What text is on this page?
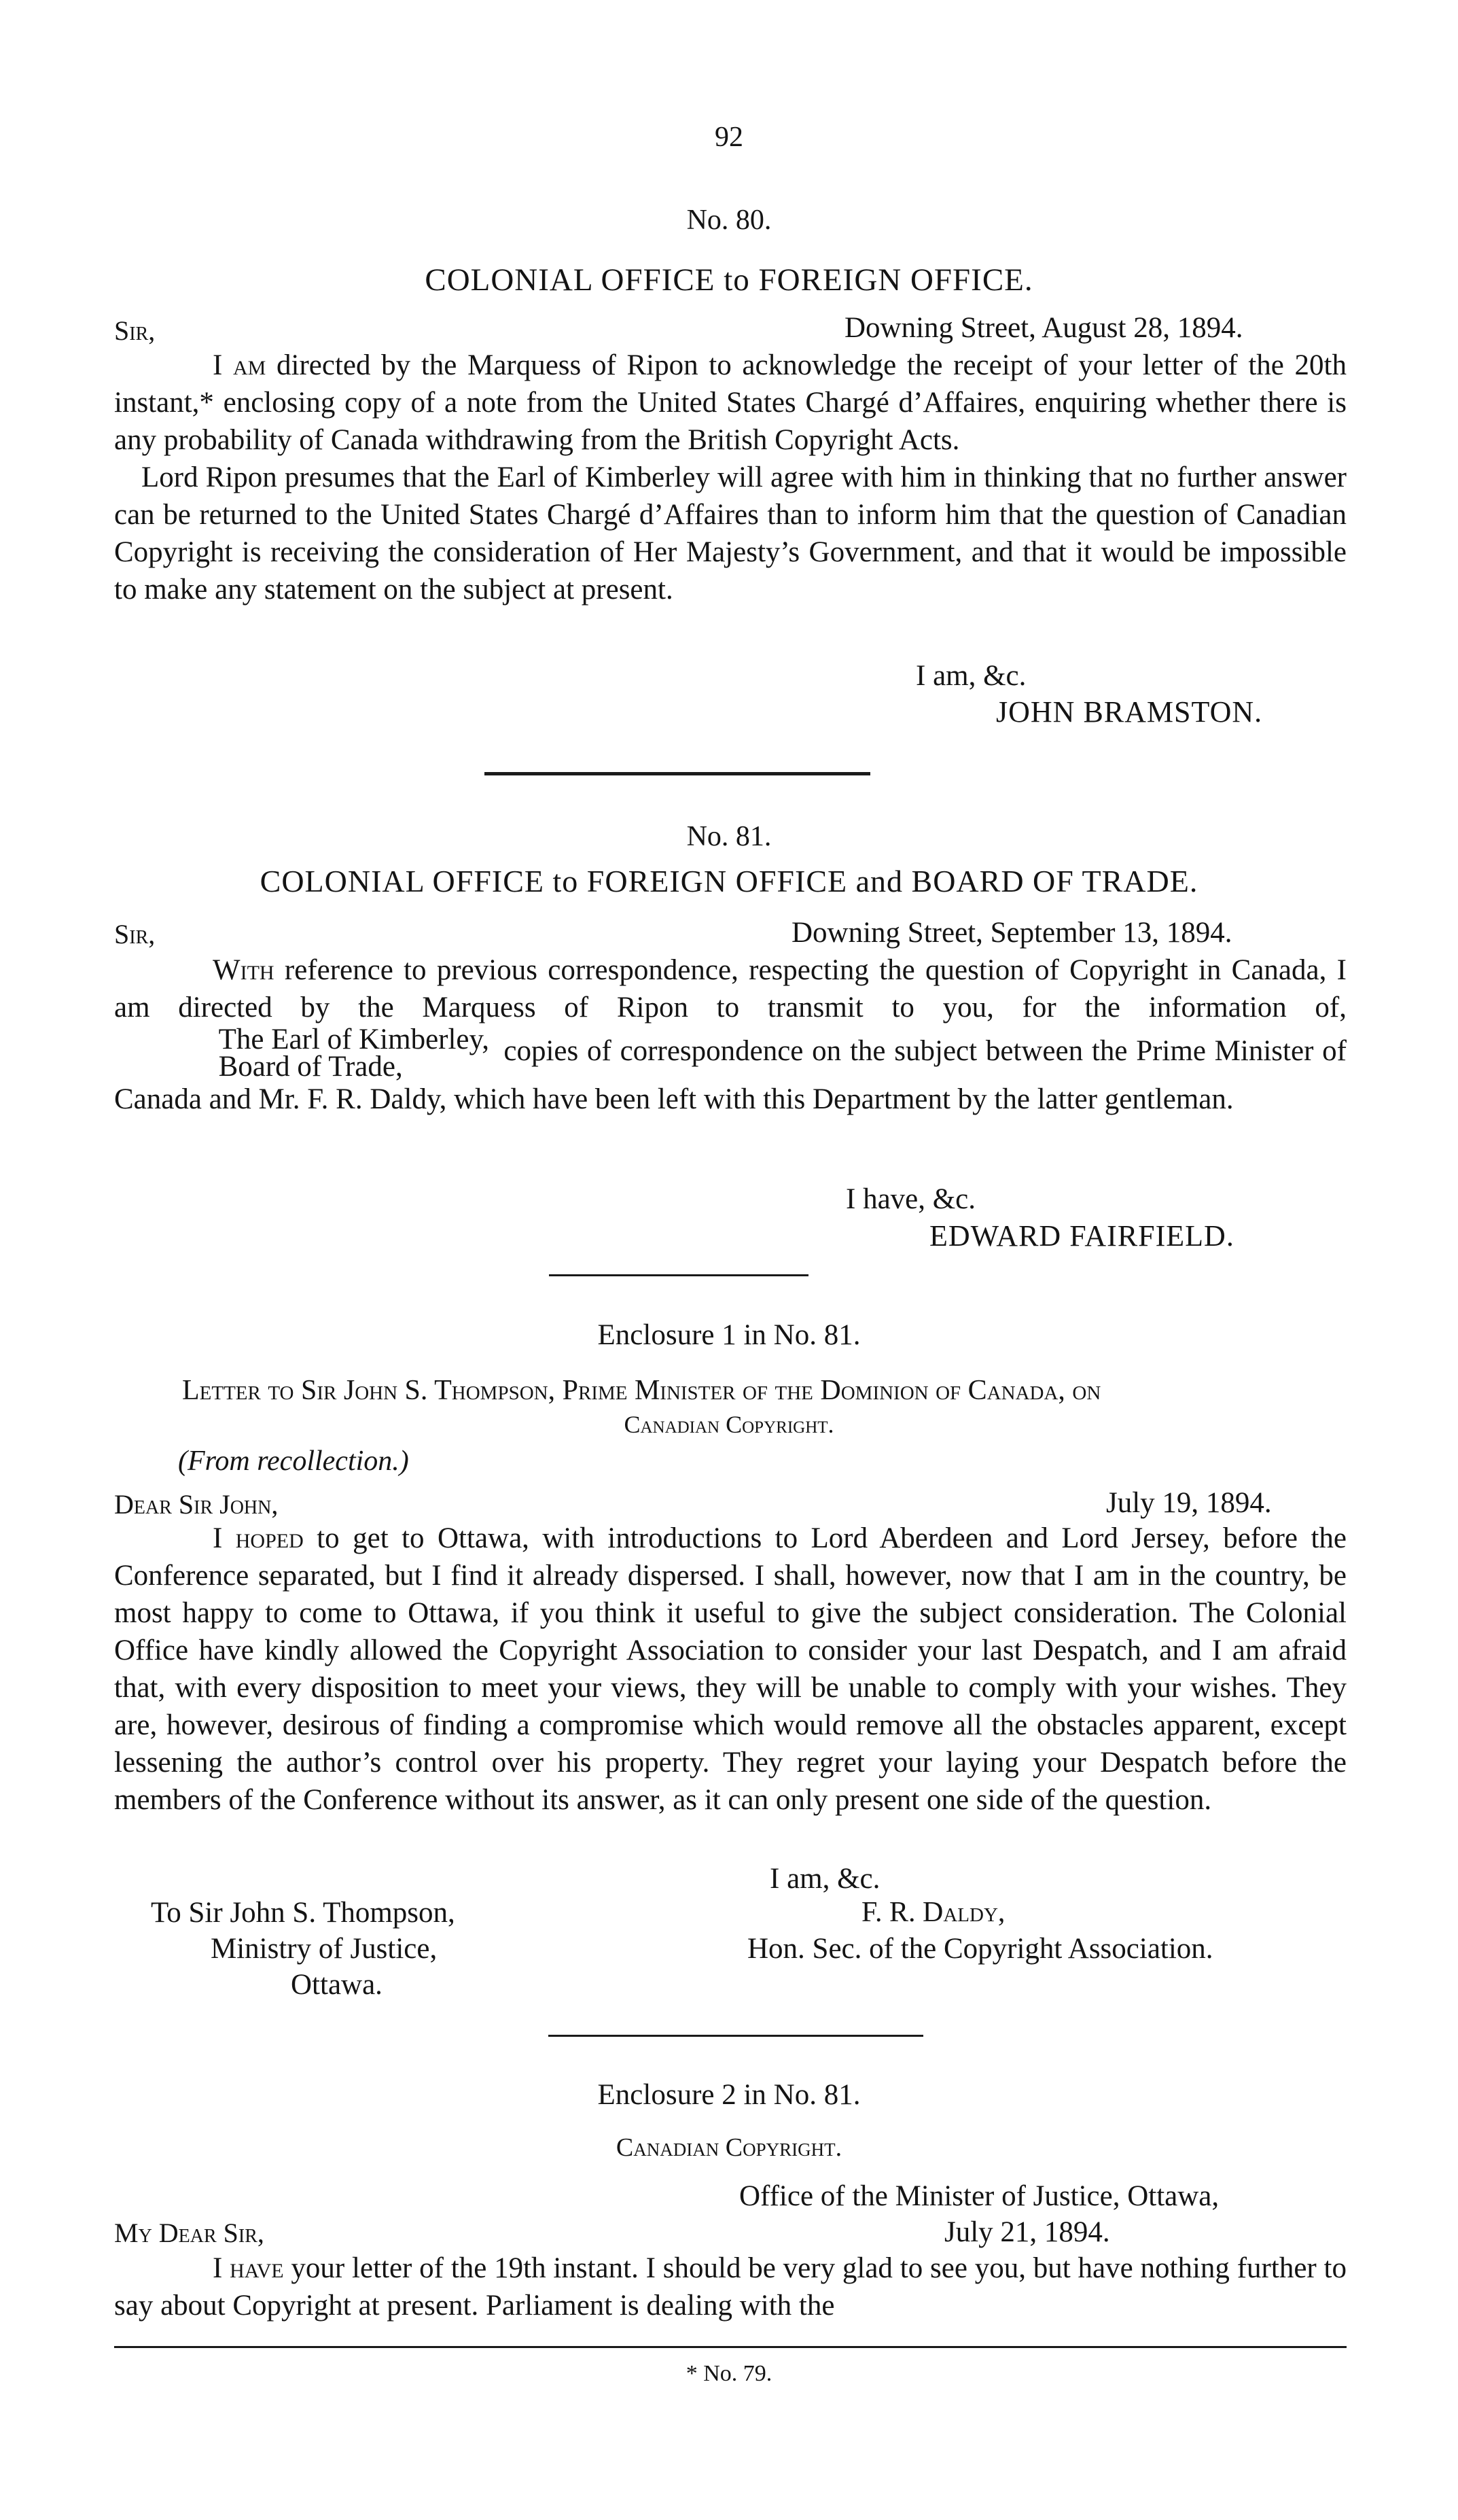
92
No. 80.
COLONIAL OFFICE to FOREIGN OFFICE.
Sir,	Downing Street, August 28, 1894.

I am directed by the Marquess of Ripon to acknowledge the receipt of your letter of the 20th instant,* enclosing copy of a note from the United States Chargé d’Affaires, enquiring whether there is any probability of Canada withdrawing from the British Copyright Acts.

Lord Ripon presumes that the Earl of Kimberley will agree with him in thinking that no further answer can be returned to the United States Chargé d’Affaires than to inform him that the question of Canadian Copyright is receiving the consideration of Her Majesty’s Government, and that it would be impossible to make any statement on the subject at present.

I am, &c.
JOHN BRAMSTON.
No. 81.
COLONIAL OFFICE to FOREIGN OFFICE and BOARD OF TRADE.
Sir,	Downing Street, September 13, 1894.

With reference to previous correspondence, respecting the question of Copyright in Canada, I am directed by the Marquess of Ripon to transmit to you, for the information of,
The Earl of Kimberley,
Board of Trade,	copies of correspondence on the subject between the Prime Minister of Canada and Mr. F. R. Daldy, which have been left with this Department by the latter gentleman.

I have, &c.
EDWARD FAIRFIELD.
Enclosure 1 in No. 81.
Letter to Sir John S. Thompson, Prime Minister of the Dominion of Canada, on
Canadian Copyright.
(From recollection.)
Dear Sir John,	July 19, 1894.

I hoped to get to Ottawa, with introductions to Lord Aberdeen and Lord Jersey, before the Conference separated, but I find it already dispersed. I shall, however, now that I am in the country, be most happy to come to Ottawa, if you think it useful to give the subject consideration. The Colonial Office have kindly allowed the Copyright Association to consider your last Despatch, and I am afraid that, with every disposition to meet your views, they will be unable to comply with your wishes. They are, however, desirous of finding a compromise which would remove all the obstacles apparent, except lessening the author’s control over his property. They regret your laying your Despatch before the members of the Conference without its answer, as it can only present one side of the question.

I am, &c.
F. R. Daldy,
Hon. Sec. of the Copyright Association.
To Sir John S. Thompson,
Ministry of Justice,
Ottawa.
Enclosure 2 in No. 81.
Canadian Copyright.
Office of the Minister of Justice, Ottawa,
July 21, 1894.
My Dear Sir,

I have your letter of the 19th instant. I should be very glad to see you, but have nothing further to say about Copyright at present. Parliament is dealing with the

* No. 79.
